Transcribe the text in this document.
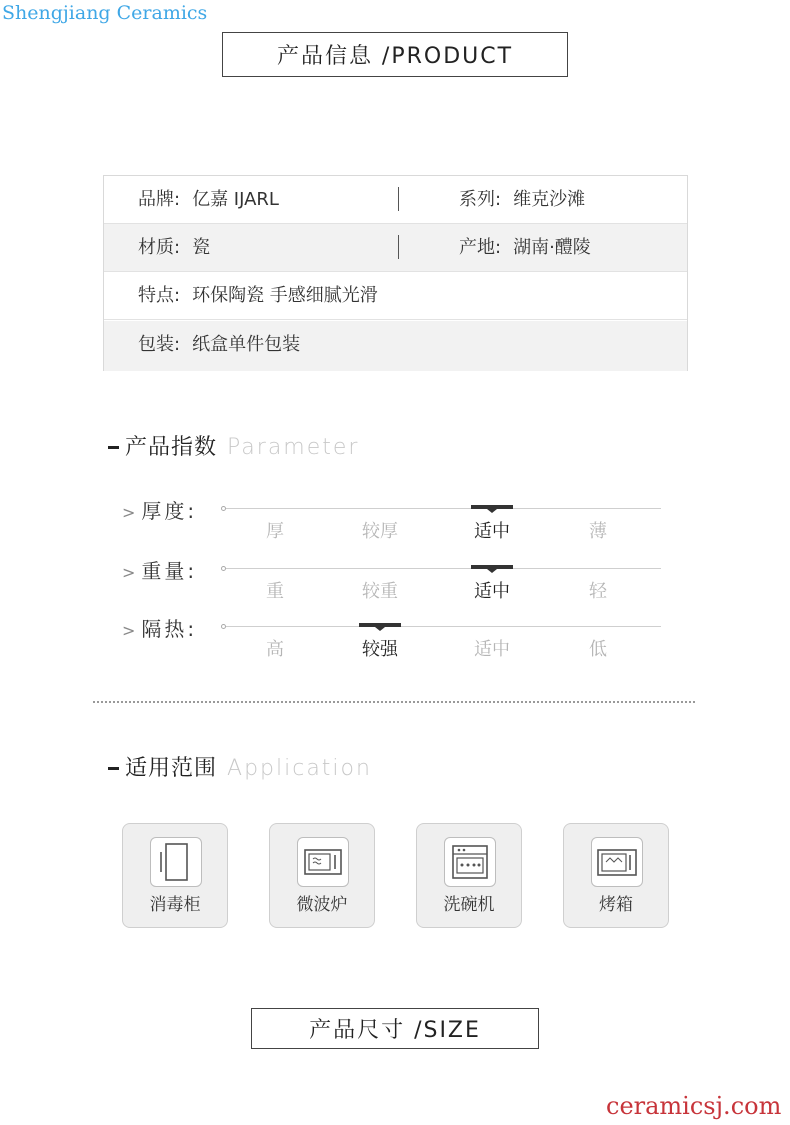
Shengjiang Ceramics
产品信息 /PRODUCT
品牌: 亿嘉 IJARL	系列: 维克沙滩
材质: 瓷	产地: 湖南·醴陵
特点: 环保陶瓷 手感细腻光滑
包装: 纸盒单件包装
产品指数 Parameter
> 厚度:
厚	较厚	适中	薄
> 重量:
重	较重	适中	轻
> 隔热:
高	较强	适中	低
适用范围 Application
消毒柜	微波炉	洗碗机	烤箱
产品尺寸 /SIZE
ceramicsj.com
